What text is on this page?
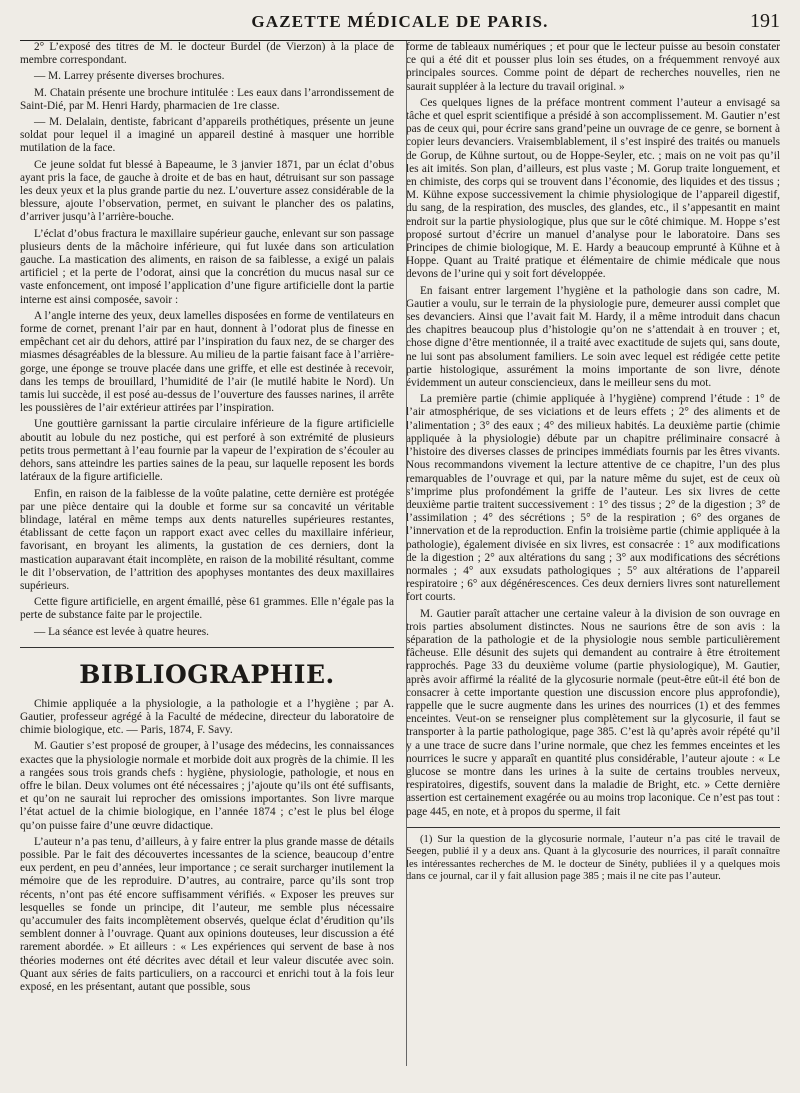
GAZETTE MÉDICALE DE PARIS.	191

2° L’exposé des titres de M. le docteur Burdel (de Vierzon) à la place de membre correspondant.

— M. Larrey présente diverses brochures.

M. Chatain présente une brochure intitulée : Les eaux dans l’arrondissement de Saint-Dié, par M. Henri Hardy, pharmacien de 1re classe.

— M. Delalain, dentiste, fabricant d’appareils prothétiques, présente un jeune soldat pour lequel il a imaginé un appareil destiné à masquer une horrible mutilation de la face.

Ce jeune soldat fut blessé à Bapeaume, le 3 janvier 1871, par un éclat d’obus ayant pris la face, de gauche à droite et de bas en haut, détruisant sur son passage les deux yeux et la plus grande partie du nez. L’ouverture assez considérable de la blessure, ajoute l’observation, permet, en suivant le plancher des os palatins, d’arriver jusqu’à l’arrière-bouche.

L’éclat d’obus fractura le maxillaire supérieur gauche, enlevant sur son passage plusieurs dents de la mâchoire inférieure, qui fut luxée dans son articulation gauche. La mastication des aliments, en raison de sa faiblesse, a exigé un palais artificiel ; et la perte de l’odorat, ainsi que la concrétion du mucus nasal sur ce vaste enfoncement, ont imposé l’application d’une figure artificielle dont la partie interne est ainsi composée, savoir :

A l’angle interne des yeux, deux lamelles disposées en forme de ventilateurs en forme de cornet, prenant l’air par en haut, donnent à l’odorat plus de finesse en empêchant cet air du dehors, attiré par l’inspiration du faux nez, de se charger des miasmes désagréables de la blessure. Au milieu de la partie faisant face à l’arrière-gorge, une éponge se trouve placée dans une griffe, et elle est destinée à recevoir, dans les temps de brouillard, l’humidité de l’air (le mutilé habite le Nord). Un tamis lui succède, il est posé au-dessus de l’ouverture des fausses narines, il arrête les poussières de l’air extérieur attirées par l’inspiration.

Une gouttière garnissant la partie circulaire inférieure de la figure artificielle aboutit au lobule du nez postiche, qui est perforé à son extrémité de plusieurs petits trous permettant à l’eau fournie par la vapeur de l’expiration de s’écouler au dehors, sans atteindre les parties saines de la peau, sur laquelle reposent les bords latéraux de la figure artificielle.

Enfin, en raison de la faiblesse de la voûte palatine, cette dernière est protégée par une pièce dentaire qui la double et forme sur sa concavité un véritable blindage, latéral en même temps aux dents naturelles supérieures restantes, établissant de cette façon un rapport exact avec celles du maxillaire inférieur, favorisant, en broyant les aliments, la gustation de ces derniers, dont la mastication auparavant était incomplète, en raison de la mobilité résultant, comme le dit l’observation, de l’attrition des apophyses montantes des deux maxillaires supérieurs.

Cette figure artificielle, en argent émaillé, pèse 61 grammes. Elle n’égale pas la perte de substance faite par le projectile.

— La séance est levée à quatre heures.

BIBLIOGRAPHIE.

Chimie appliquée a la physiologie, a la pathologie et a l’hygiène ; par A. Gautier, professeur agrégé à la Faculté de médecine, directeur du laboratoire de chimie biologique, etc. — Paris, 1874, F. Savy.

M. Gautier s’est proposé de grouper, à l’usage des médecins, les connaissances exactes que la physiologie normale et morbide doit aux progrès de la chimie. Il les a rangées sous trois grands chefs : hygiène, physiologie, pathologie, et nous en offre le bilan. Deux volumes ont été nécessaires ; j’ajoute qu’ils ont été suffisants, et qu’on ne saurait lui reprocher des omissions importantes. Son livre marque l’état actuel de la chimie biologique, en l’année 1874 ; c’est le plus bel éloge qu’on puisse faire d’une œuvre didactique.

L’auteur n’a pas tenu, d’ailleurs, à y faire entrer la plus grande masse de détails possible. Par le fait des découvertes incessantes de la science, beaucoup d’entre eux perdent, en peu d’années, leur importance ; ce serait surcharger inutilement la mémoire que de les reproduire. D’autres, au contraire, parce qu’ils sont trop récents, n’ont pas été encore suffisamment vérifiés. « Exposer les preuves sur lesquelles se fonde un principe, dit l’auteur, me semble plus nécessaire qu’accumuler des faits incomplètement observés, quelque éclat d’érudition qu’ils semblent donner à l’ouvrage. Quant aux opinions douteuses, leur discussion a été rarement abordée. » Et ailleurs : « Les expériences qui servent de base à nos théories modernes ont été décrites avec détail et leur valeur discutée avec soin. Quant aux séries de faits particuliers, on a raccourci et enrichi tout à la fois leur exposé, en les présentant, autant que possible, sous

forme de tableaux numériques ; et pour que le lecteur puisse au besoin constater ce qui a été dit et pousser plus loin ses études, on a fréquemment renvoyé aux principales sources. Comme point de départ de recherches nouvelles, rien ne saurait suppléer à la lecture du travail original. »

Ces quelques lignes de la préface montrent comment l’auteur a envisagé sa tâche et quel esprit scientifique a présidé à son accomplissement. M. Gautier n’est pas de ceux qui, pour écrire sans grand’peine un ouvrage de ce genre, se bornent à copier leurs devanciers. Vraisemblablement, il s’est inspiré des traités ou manuels de Gorup, de Kühne surtout, ou de Hoppe-Seyler, etc. ; mais on ne voit pas qu’il les ait imités. Son plan, d’ailleurs, est plus vaste ; M. Gorup traite longuement, et en chimiste, des corps qui se trouvent dans l’économie, des liquides et des tissus ; M. Kühne expose successivement la chimie physiologique de l’appareil digestif, du sang, de la respiration, des muscles, des glandes, etc., il s’appesantit en maint endroit sur la partie physiologique, plus que sur le côté chimique. M. Hoppe s’est proposé surtout d’écrire un manuel d’analyse pour le laboratoire. Dans ses Principes de chimie biologique, M. E. Hardy a beaucoup emprunté à Kühne et à Hoppe. Quant au Traité pratique et élémentaire de chimie médicale que nous devons de l’urine qui y soit fort développée.

En faisant entrer largement l’hygiène et la pathologie dans son cadre, M. Gautier a voulu, sur le terrain de la physiologie pure, demeurer aussi complet que ses devanciers. Ainsi que l’avait fait M. Hardy, il a même introduit dans chacun des chapitres beaucoup plus d’histologie qu’on ne s’attendait à en trouver ; et, chose digne d’être mentionnée, il a traité avec exactitude de sujets qui, sans doute, ne lui sont pas absolument familiers. Le soin avec lequel est rédigée cette petite partie histologique, assurément la moins importante de son livre, dénote évidemment un auteur consciencieux, dans le meilleur sens du mot.

La première partie (chimie appliquée à l’hygiène) comprend l’étude : 1° de l’air atmosphérique, de ses viciations et de leurs effets ; 2° des aliments et de l’alimentation ; 3° des eaux ; 4° des milieux habités. La deuxième partie (chimie appliquée à la physiologie) débute par un chapitre préliminaire consacré à l’histoire des diverses classes de principes immédiats fournis par les êtres vivants. Nous recommandons vivement la lecture attentive de ce chapitre, l’un des plus remarquables de l’ouvrage et qui, par la nature même du sujet, est de ceux où s’imprime plus profondément la griffe de l’auteur. Les six livres de cette deuxième partie traitent successivement : 1° des tissus ; 2° de la digestion ; 3° de l’assimilation ; 4° des sécrétions ; 5° de la respiration ; 6° des organes de l’innervation et de la reproduction. Enfin la troisième partie (chimie appliquée à la pathologie), également divisée en six livres, est consacrée : 1° aux modifications de la digestion ; 2° aux altérations du sang ; 3° aux modifications des sécrétions normales ; 4° aux exsudats pathologiques ; 5° aux altérations de l’appareil respiratoire ; 6° aux dégénérescences. Ces deux derniers livres sont naturellement fort courts.

M. Gautier paraît attacher une certaine valeur à la division de son ouvrage en trois parties absolument distinctes. Nous ne saurions être de son avis : la séparation de la pathologie et de la physiologie nous semble particulièrement fâcheuse. Elle désunit des sujets qui demandent au contraire à être étroitement rapprochés. Page 33 du deuxième volume (partie physiologique), M. Gautier, après avoir affirmé la réalité de la glycosurie normale (peut-être eût-il été bon de consacrer à cette importante question une discussion encore plus approfondie), rappelle que le sucre augmente dans les urines des nourrices (1) et des femmes enceintes. Veut-on se renseigner plus complètement sur la glycosurie, il faut se transporter à la partie pathologique, page 385. C’est là qu’après avoir répété qu’il y a une trace de sucre dans l’urine normale, que chez les femmes enceintes et les nourrices le sucre y apparaît en quantité plus considérable, l’auteur ajoute : « Le glucose se montre dans les urines à la suite de certains troubles nerveux, respiratoires, digestifs, souvent dans la maladie de Bright, etc. » Cette dernière assertion est certainement exagérée ou au moins trop laconique. Ce n’est pas tout : page 445, en note, et à propos du sperme, il fait

(1) Sur la question de la glycosurie normale, l’auteur n’a pas cité le travail de Seegen, publié il y a deux ans. Quant à la glycosurie des nourrices, il paraît connaître les intéressantes recherches de M. le docteur de Sinéty, publiées il y a quelques mois dans ce journal, car il y fait allusion page 385 ; mais il ne cite pas l’auteur.
